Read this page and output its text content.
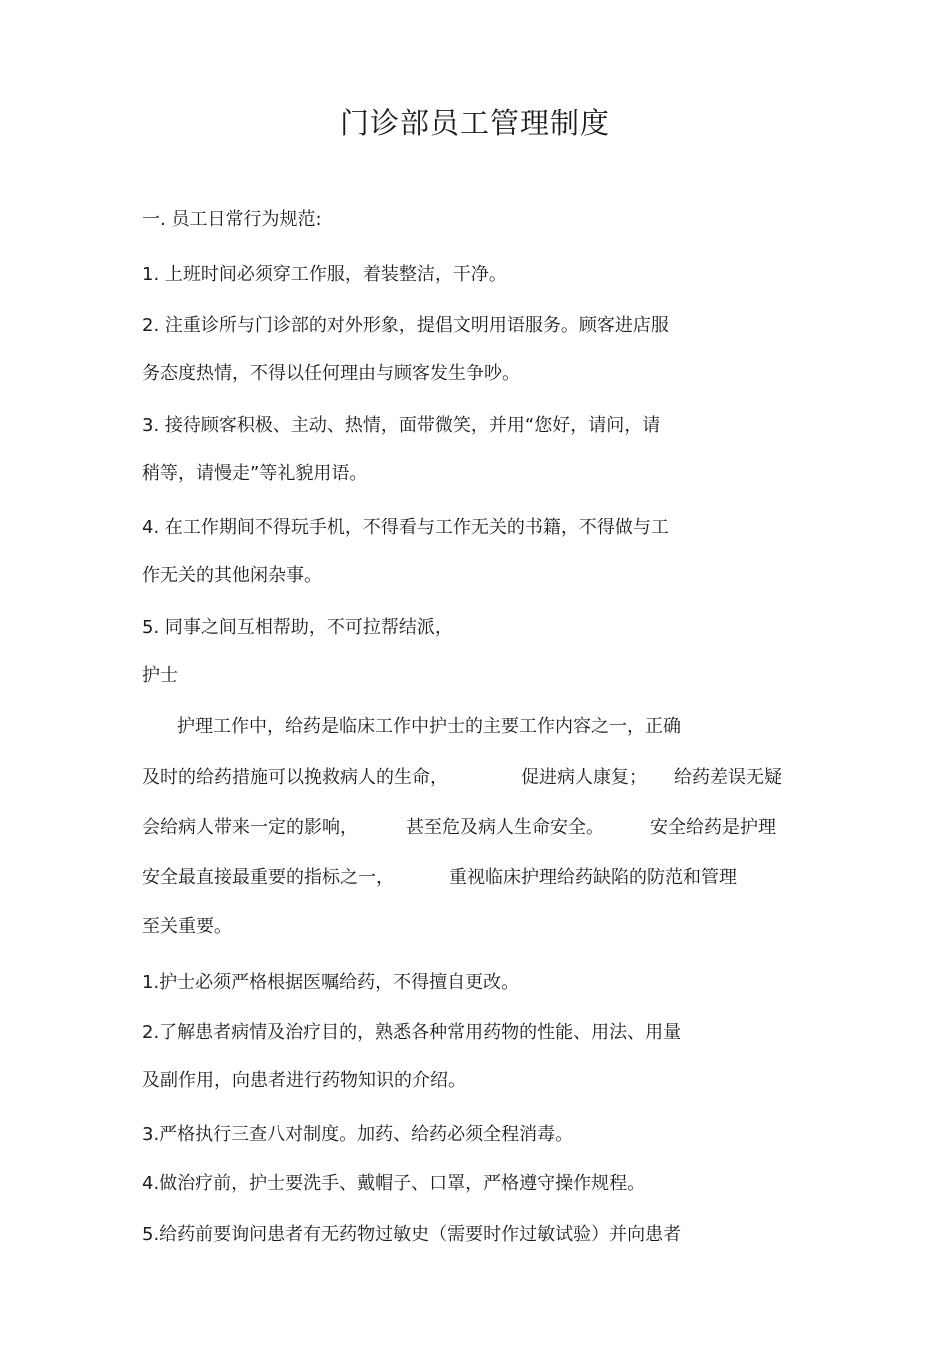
门诊部员工管理制度
一. 员工日常行为规范:
1. 上班时间必须穿工作服，着装整洁，干净。
2. 注重诊所与门诊部的对外形象，提倡文明用语服务。顾客进店服
务态度热情，不得以任何理由与顾客发生争吵。
3. 接待顾客积极、主动、热情，面带微笑，并用“您好，请问，请
稍等，请慢走”等礼貌用语。
4. 在工作期间不得玩手机，不得看与工作无关的书籍，不得做与工
作无关的其他闲杂事。
5. 同事之间互相帮助，不可拉帮结派，
护士
护理工作中，给药是临床工作中护士的主要工作内容之一，正确
及时的给药措施可以挽救病人的生命，	促进病人康复； 给药差误无疑
会给病人带来一定的影响，	甚至危及病人生命安全。	安全给药是护理
安全最直接最重要的指标之一，	重视临床护理给药缺陷的防范和管理
至关重要。
1.护士必须严格根据医嘱给药，不得擅自更改。
2.了解患者病情及治疗目的，熟悉各种常用药物的性能、用法、用量
及副作用，向患者进行药物知识的介绍。
3.严格执行三查八对制度。加药、给药必须全程消毒。
4.做治疗前，护士要洗手、戴帽子、口罩，严格遵守操作规程。
5.给药前要询问患者有无药物过敏史（需要时作过敏试验）并向患者
